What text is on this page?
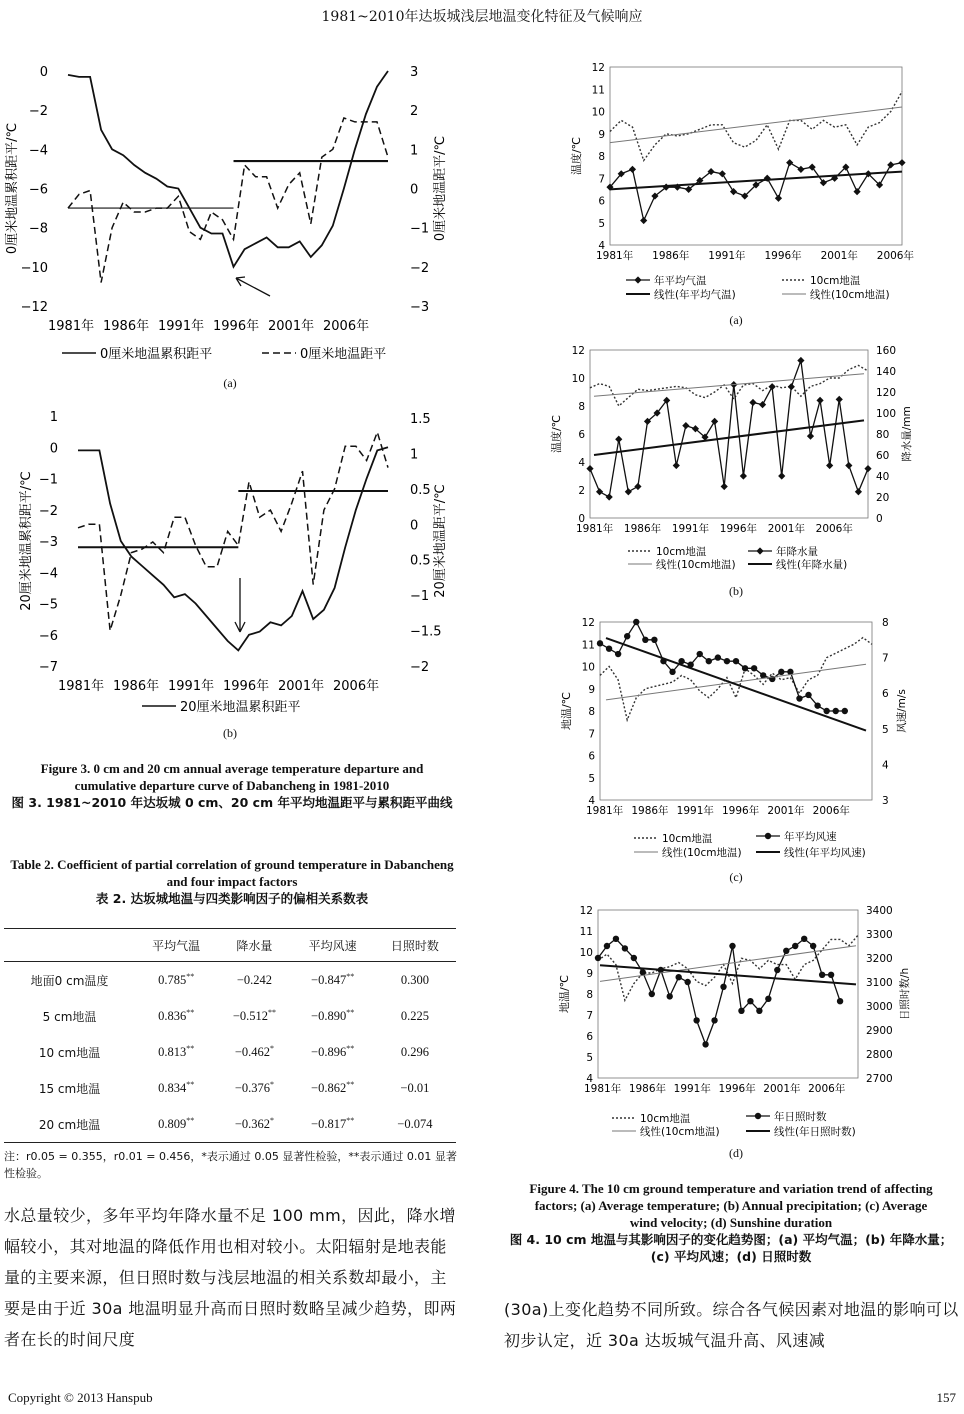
1981~2010年达坂城浅层地温变化特征及气候响应
0
−2
−4
−6
−8
−10
−12
3
2
1
0
−1
−2
−3
1981年 1986年 1991年 1996年 2001年 2006年
0厘米地温累积距平/℃	0厘米地温距平/℃
0厘米地温累积距平	0厘米地温距平
(a)
1
0
−1
−2
−3
−4
−5
−6
−7
1.5
1
0.5
0
0.5
−1
−1.5
−2
1981年 1986年 1991年 1996年 2001年 2006年
20厘米地温累积距平/℃	20厘米地温距平/℃
20厘米地温累积距平
(b)
Figure 3. 0 cm and 20 cm annual average temperature departure and cumulative departure curve of Dabancheng in 1981-2010
图 3. 1981~2010 年达坂城 0 cm、20 cm 年平均地温距平与累积距平曲线
Table 2. Coefficient of partial correlation of ground temperature in Dabancheng and four impact factors
表 2. 达坂城地温与四类影响因子的偏相关系数表
	平均气温	降水量	平均风速	日照时数
地面0 cm温度	0.785**	−0.242	−0.847**	0.300
5 cm地温	0.836**	−0.512**	−0.890**	0.225
10 cm地温	0.813**	−0.462*	−0.896**	0.296
15 cm地温	0.834**	−0.376*	−0.862**	−0.01
20 cm地温	0.809**	−0.362*	−0.817**	−0.074
注：r0.05 = 0.355，r0.01 = 0.456，*表示通过 0.05 显著性检验，**表示通过 0.01 显著性检验。
水总量较少，多年平均年降水量不足 100 mm，因此，降水增幅较小，其对地温的降低作用也相对较小。太阳辐射是地表能量的主要来源，但日照时数与浅层地温的相关系数却最小，主要是由于近 30a 地温明显升高而日照时数略呈减少趋势，即两者在长的时间尺度
12
11
10
9
8
7
6
5
4
1981年 1986年 1991年 1996年 2001年 2006年
温度/℃
年平均气温	10cm地温
线性(年平均气温)	线性(10cm地温)
(a)
12
10
8
6
4
2
0
160
140
120
100
80
60
40
20
0
1981年 1986年 1991年 1996年 2001年 2006年
温度/℃	降水量/mm
10cm地温	年降水量
线性(10cm地温)	线性(年降水量)
(b)
12
11
10
9
8
7
6
5
4
8
7
6
5
4
3
1981年 1986年 1991年 1996年 2001年 2006年
地温/℃	风速/m/s
10cm地温	年平均风速
线性(10cm地温)	线性(年平均风速)
(c)
12
11
10
9
8
7
6
5
4
3400
3300
3200
3100
3000
2900
2800
2700
1981年 1986年 1991年 1996年 2001年 2006年
地温/℃	日照时数/h
10cm地温	年日照时数
线性(10cm地温)	线性(年日照时数)
(d)
Figure 4. The 10 cm ground temperature and variation trend of affecting factors; (a) Average temperature; (b) Annual precipitation; (c) Average wind velocity; (d) Sunshine duration
图 4. 10 cm 地温与其影响因子的变化趋势图；(a) 平均气温；(b) 年降水量；(c) 平均风速；(d) 日照时数
(30a)上变化趋势不同所致。综合各气候因素对地温的影响可以初步认定，近 30a 达坂城气温升高、风速减
Copyright © 2013 Hanspub	157
